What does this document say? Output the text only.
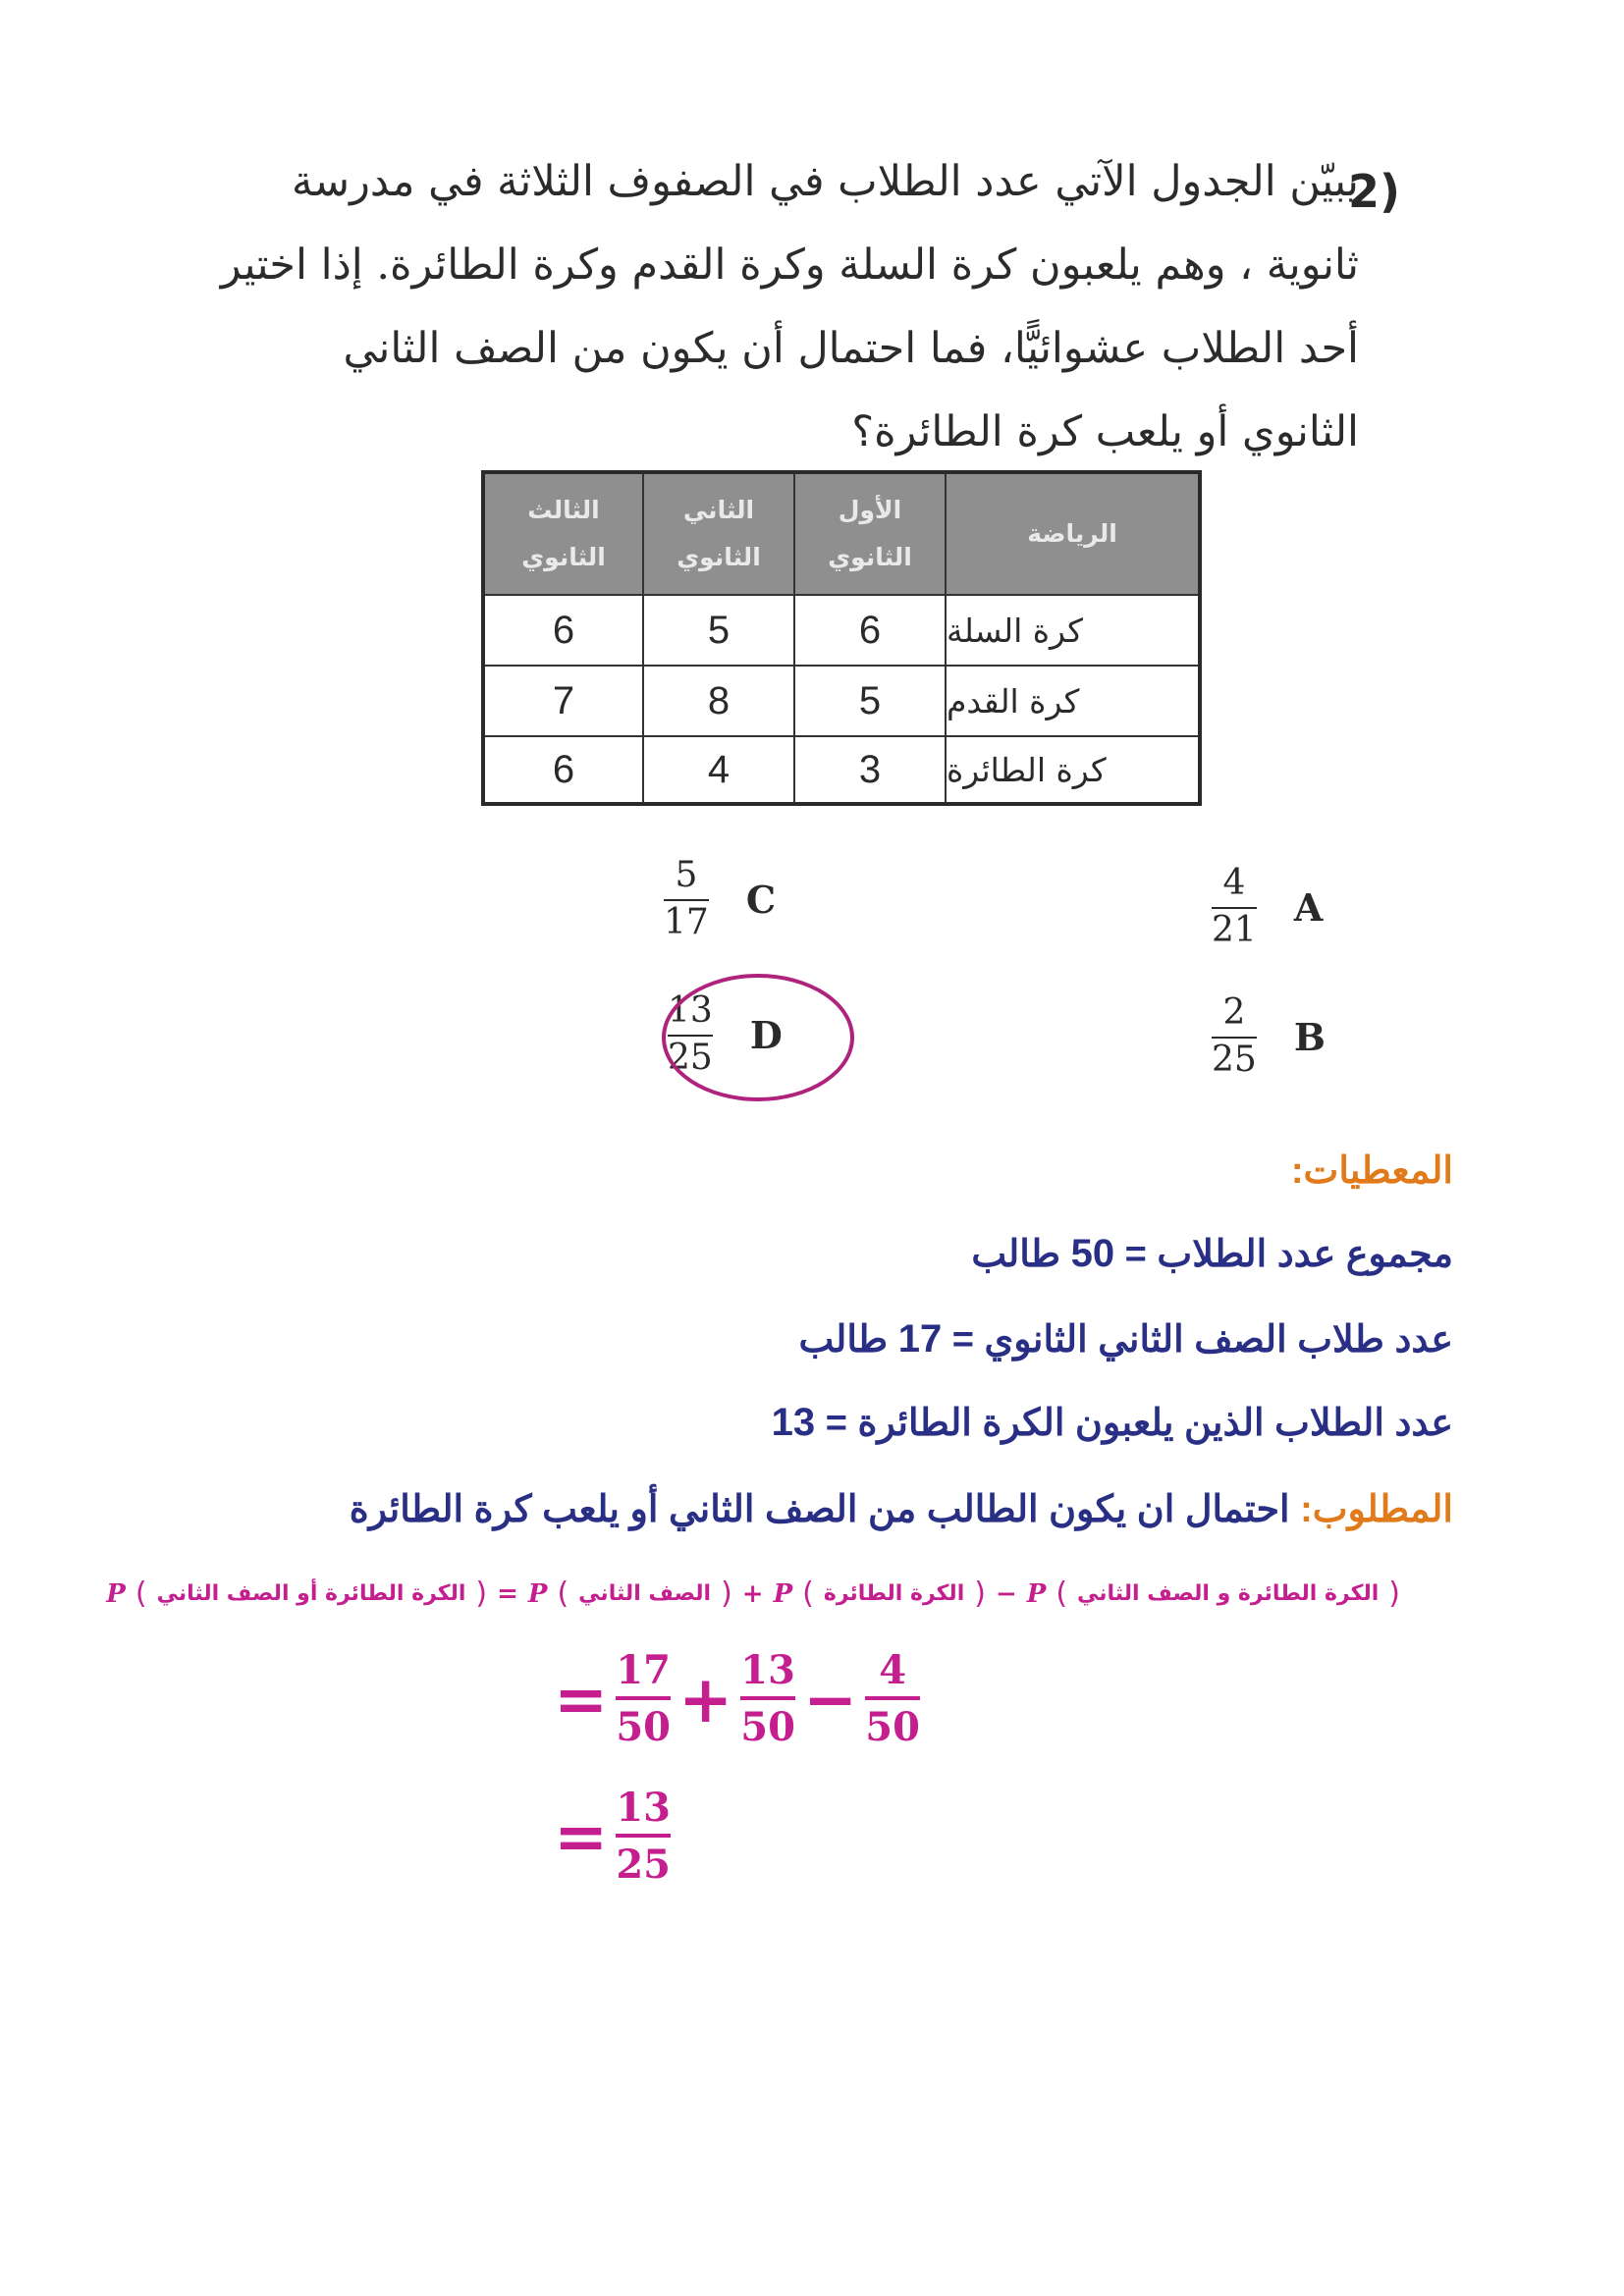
2)
يبيّن الجدول الآتي عدد الطلاب في الصفوف الثلاثة في مدرسة
ثانوية ، وهم يلعبون كرة السلة وكرة القدم وكرة الطائرة. إذا اختير
أحد الطلاب عشوائيًّا، فما احتمال أن يكون من الصف الثاني
الثانوي أو يلعب كرة الطائرة؟
الرياضة
الأول
الثانوي
الثاني
الثانوي
الثالث
الثانوي
كرة السلة
6
5
6
كرة القدم
5
8
7
كرة الطائرة
3
4
6
$\frac{4}{21}$ A
$\frac{2}{25}$ B
$\frac{5}{17}$ C
$\frac{13}{25}$ D
المعطيات:
مجموع عدد الطلاب = 50 طالب
عدد طلاب الصف الثاني الثانوي = 17 طالب
عدد الطلاب الذين يلعبون الكرة الطائرة = 13
المطلوب: احتمال ان يكون الطالب من الصف الثاني أو يلعب كرة الطائرة
P ( الكرة الطائرة أو الصف الثاني ) = P ( الصف الثاني ) + P ( الكرة الطائرة ) − P ( الكرة الطائرة و الصف الثاني )
= 17
50 + 13
50 − 4
50
= 13
25
